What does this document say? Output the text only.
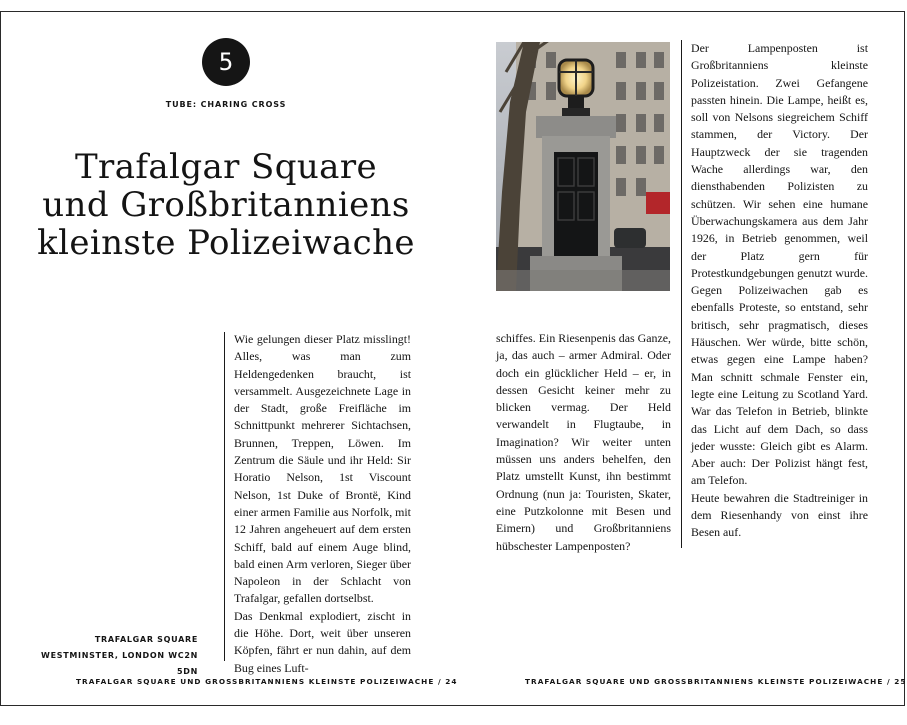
5
TUBE: CHARING CROSS
Trafalgar Square
und Großbritanniens
kleinste Polizeiwache

Wie gelungen dieser Platz misslingt! Alles, was man zum Heldengedenken braucht, ist versammelt. Ausgezeichnete Lage in der Stadt, große Freifläche im Schnittpunkt mehrerer Sichtachsen, Brunnen, Treppen, Löwen. Im Zentrum die Säule und ihr Held: Sir Horatio Nelson, 1st Viscount Nelson, 1st Duke of Brontë, Kind einer armen Familie aus Norfolk, mit 12 Jahren angeheuert auf dem ersten Schiff, bald auf einem Auge blind, bald einen Arm verloren, Sieger über Napoleon in der Schlacht von Trafalgar, gefallen dortselbst.

Das Denkmal explodiert, zischt in die Höhe. Dort, weit über unseren Köpfen, fährt er nun dahin, auf dem Bug eines Luft-

TRAFALGAR SQUARE
WESTMINSTER, LONDON WC2N 5DN
TRAFALGAR SQUARE UND GROSSBRITANNIENS KLEINSTE POLIZEIWACHE / 24

schiffes. Ein Riesenpenis das Ganze, ja, das auch – armer Admiral. Oder doch ein glücklicher Held – er, in dessen Gesicht keiner mehr zu blicken vermag. Der Held verwandelt in Flugtaube, in Imagination? Wir weiter unten müssen uns anders behelfen, den Platz umstellt Kunst, ihn bestimmt Ordnung (nun ja: Touristen, Skater, eine Putzkolonne mit Besen und Eimern) und Großbritanniens hübschester Lampenposten?

Der Lampenposten ist Großbritanniens kleinste Polizeistation. Zwei Gefangene passten hinein. Die Lampe, heißt es, soll von Nelsons siegreichem Schiff stammen, der Victory. Der Hauptzweck der sie tragenden Wache allerdings war, den diensthabenden Polizisten zu schützen. Wir sehen eine humane Überwachungskamera aus dem Jahr 1926, in Betrieb genommen, weil der Platz gern für Protestkundgebungen genutzt wurde. Gegen Polizeiwachen gab es ebenfalls Proteste, so entstand, sehr britisch, sehr pragmatisch, dieses Häuschen. Wer würde, bitte schön, etwas gegen eine Lampe haben? Man schnitt schmale Fenster ein, legte eine Leitung zu Scotland Yard. War das Telefon in Betrieb, blinkte das Licht auf dem Dach, so dass jeder wusste: Gleich gibt es Alarm. Aber auch: Der Polizist hängt fest, am Telefon.

Heute bewahren die Stadtreiniger in dem Riesenhandy von einst ihre Besen auf.

TRAFALGAR SQUARE UND GROSSBRITANNIENS KLEINSTE POLIZEIWACHE / 25
